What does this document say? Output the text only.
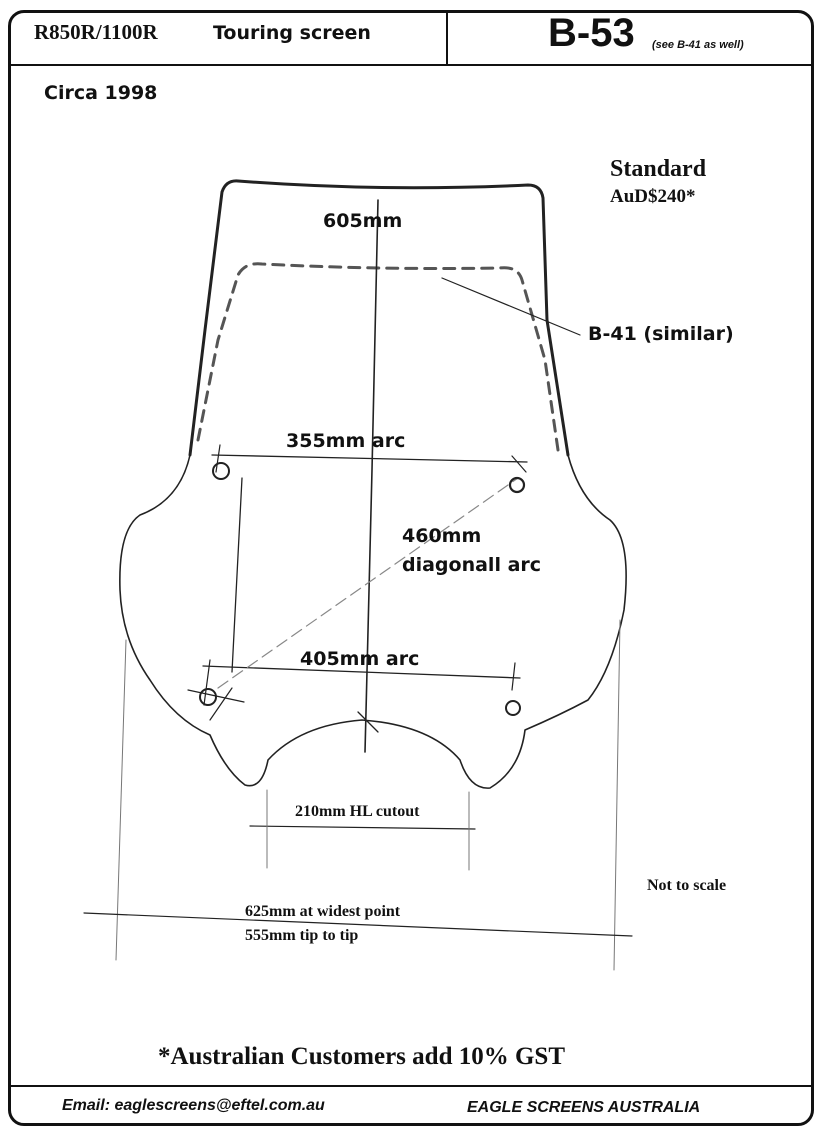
R850R/1100R	Touring screen	B-53 (see B-41 as well)
Circa 1998
Standard
AuD$240*
605mm
B-41 (similar)
355mm arc
460mm
diagonall arc
405mm arc
210mm HL cutout
625mm at widest point
555mm tip to tip
Not to scale
*Australian Customers add 10% GST
Email: eaglescreens@eftel.com.au	EAGLE SCREENS AUSTRALIA
